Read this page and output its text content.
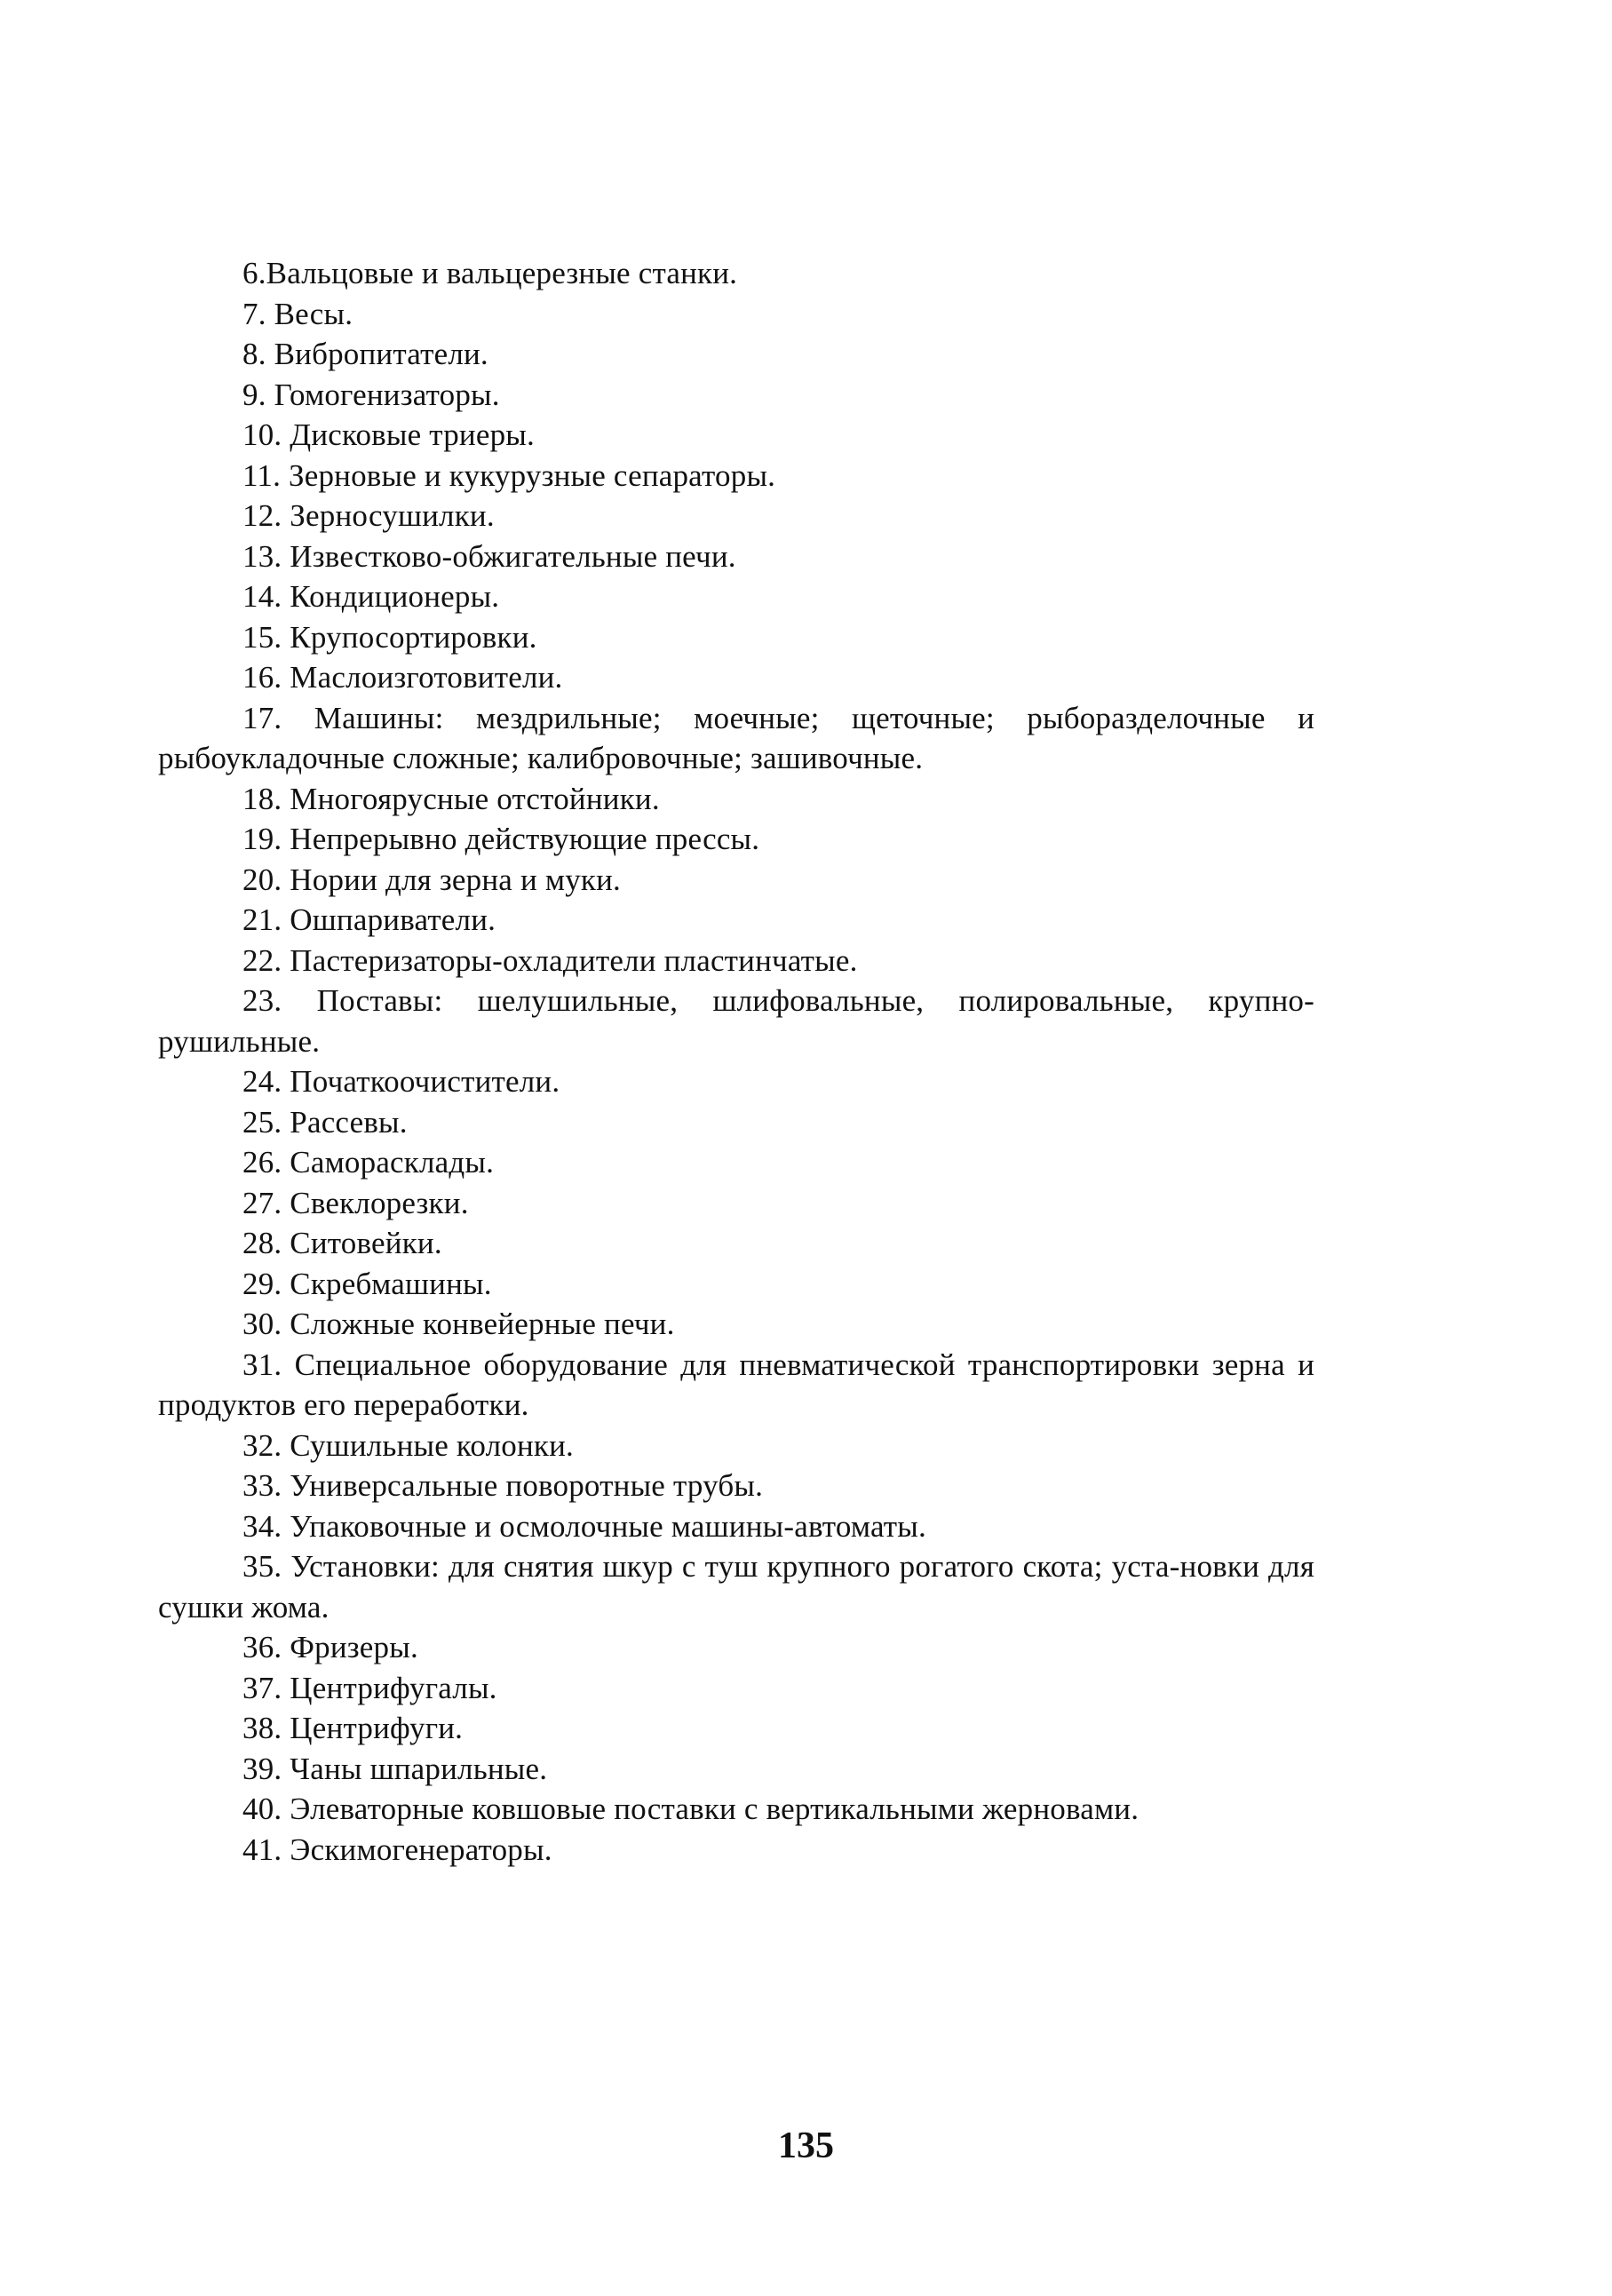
6.Вальцовые и вальцерезные станки.
7. Весы.
8. Вибропитатели.
9. Гомогенизаторы.
10. Дисковые триеры.
11. Зерновые и кукурузные сепараторы.
12. Зерносушилки.
13. Известково-обжигательные печи.
14. Кондиционеры.
15. Крупосортировки.
16. Маслоизготовители.
17. Машины: мездрильные; моечные; щеточные; рыборазделочные и рыбоукладочные сложные; калибровочные; зашивочные.
18. Многоярусные отстойники.
19. Непрерывно действующие прессы.
20. Нории для зерна и муки.
21. Ошпариватели.
22. Пастеризаторы-охладители пластинчатые.
23. Поставы: шелушильные, шлифовальные, полировальные, крупно-рушильные.
24. Початкоочистители.
25. Рассевы.
26. Саморасклады.
27. Свеклорезки.
28. Ситовейки.
29. Скребмашины.
30. Сложные конвейерные печи.
31. Специальное оборудование для пневматической транспортировки зерна и продуктов его переработки.
32. Сушильные колонки.
33. Универсальные поворотные трубы.
34. Упаковочные и осмолочные машины-автоматы.
35. Установки: для снятия шкур с туш крупного рогатого скота; уста-новки для сушки жома.
36. Фризеры.
37. Центрифугалы.
38. Центрифуги.
39. Чаны шпарильные.
40. Элеваторные ковшовые поставки с вертикальными жерновами.
41. Эскимогенераторы.
135
